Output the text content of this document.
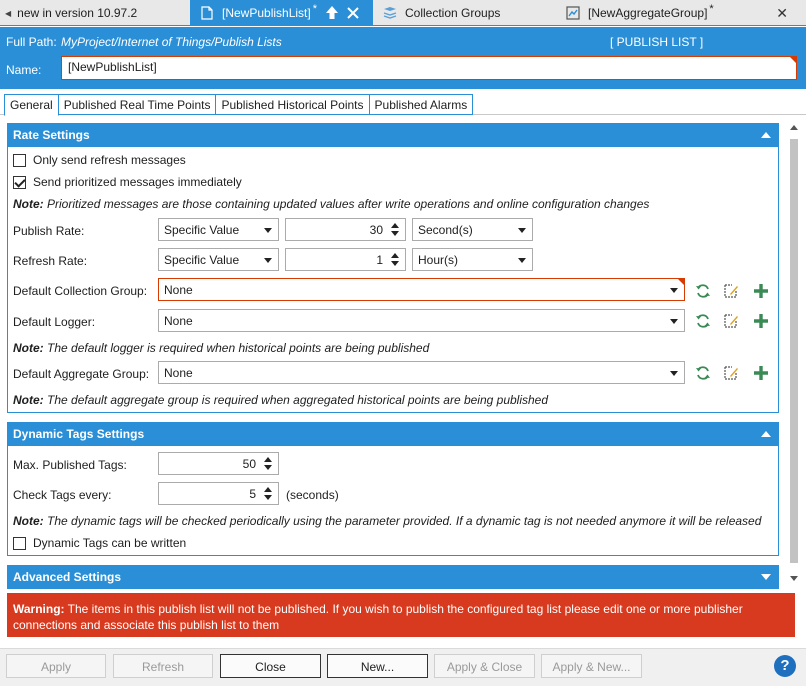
◀ new in version 10.97.2	[NewPublishList] *	Collection Groups	[NewAggregateGroup] *	✕
Full Path: MyProject/Internet of Things/Publish Lists	[ PUBLISH LIST ]
Name:	[NewPublishList]
General Published Real Time Points Published Historical Points Published Alarms
Rate Settings
Only send refresh messages
Send prioritized messages immediately
Note: Prioritized messages are those containing updated values after write operations and online configuration changes
Publish Rate:	Specific Value	30	Second(s)
Refresh Rate:	Specific Value	1	Hour(s)
Default Collection Group:	None
Default Logger:	None
Note: The default logger is required when historical points are being published
Default Aggregate Group:	None
Note: The default aggregate group is required when aggregated historical points are being published
Dynamic Tags Settings
Max. Published Tags:	50
Check Tags every:	5	(seconds)
Note: The dynamic tags will be checked periodically using the parameter provided. If a dynamic tag is not needed anymore it will be released
Dynamic Tags can be written
Advanced Settings
Warning: The items in this publish list will not be published. If you wish to publish the configured tag list please edit one or more publisher
connections and associate this publish list to them
Apply	Refresh	Close	New...	Apply & Close	Apply & New...	?
